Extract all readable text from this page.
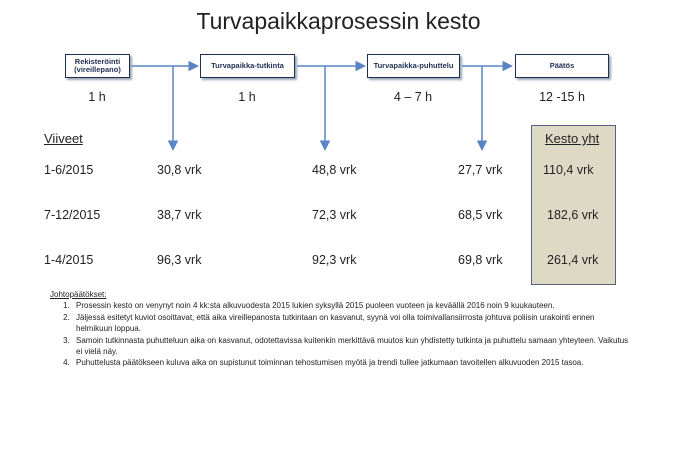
Turvapaikkaprosessin kesto
Rekisteröinti (vireillepano)	Turvapaikka-tutkinta	Turvapaikka-puhuttelu	Päätös
1 h	1 h	4 – 7 h	12 -15 h
Viiveet	Kesto yht
1-6/2015	30,8 vrk	48,8 vrk	27,7 vrk	110,4 vrk
7-12/2015	38,7 vrk	72,3 vrk	68,5 vrk	182,6 vrk
1-4/2015	96,3 vrk	92,3 vrk	69,8 vrk	261,4 vrk
Johtopäätökset:
1. Prosessin kesto on venynyt noin 4 kk:sta alkuvuodesta 2015 lukien syksyllä 2015 puoleen vuoteen ja keväällä 2016 noin 9 kuukauteen.
2. Jäljessä esitetyt kuviot osoittavat, että aika vireillepanosta tutkintaan on kasvanut, syynä voi olla toimivallansiirrosta johtuva poliisin urakointi ennen helmikuun loppua.
3. Samoin tutkinnasta puhutteluun aika on kasvanut, odotettavissa kuitenkin merkittävä muutos kun yhdistetty tutkinta ja puhuttelu samaan yhteyteen. Vaikutus ei vielä näy.
4. Puhuttelusta päätökseen kuluva aika on supistunut toiminnan tehostumisen myötä ja trendi tullee jatkumaan tavoitellen alkuvuoden 2015 tasoa.
